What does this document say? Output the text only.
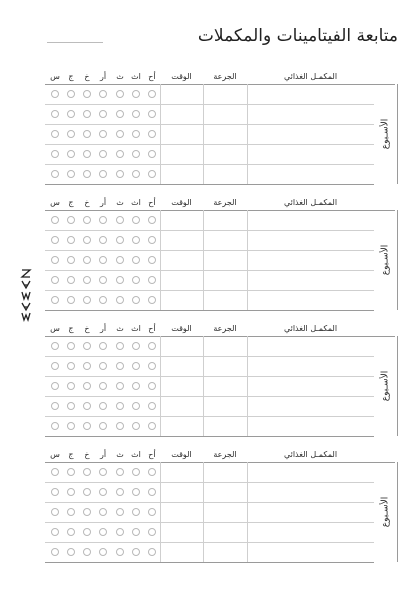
متابعة الفيتامينات والمكملات
المكمـل الغذائي
الجرعة
الوقت
أح
اث
ث
أر
خ
ج
س
الأسـبوع
المكمـل الغذائي
الجرعة
الوقت
أح
اث
ث
أر
خ
ج
س
الأسـبوع
المكمـل الغذائي
الجرعة
الوقت
أح
اث
ث
أر
خ
ج
س
الأسـبوع
المكمـل الغذائي
الجرعة
الوقت
أح
اث
ث
أر
خ
ج
س
الأسـبوع
